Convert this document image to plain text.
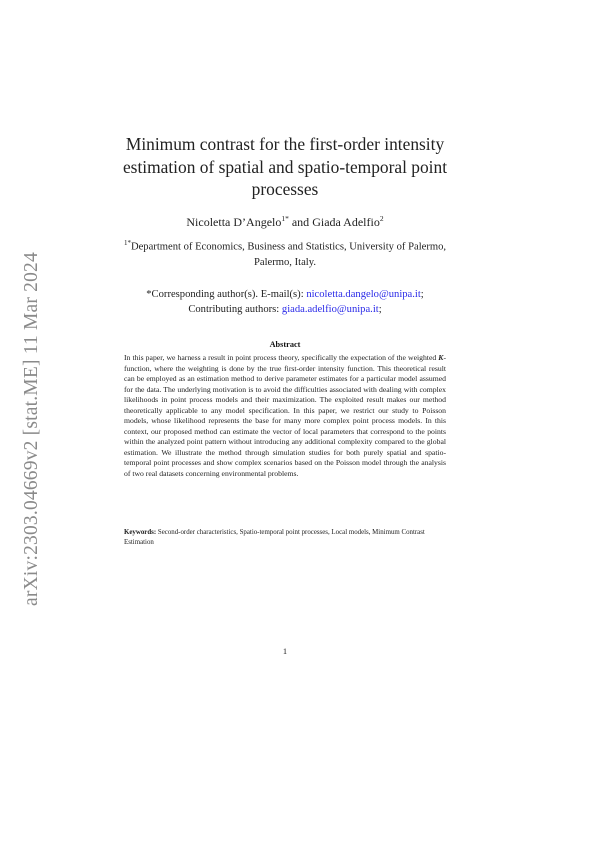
arXiv:2303.04669v2 [stat.ME] 11 Mar 2024
Minimum contrast for the first-order intensity estimation of spatial and spatio-temporal point processes
Nicoletta D’Angelo$^{1*}$ and Giada Adelfio$^2$
$^{1*}$Department of Economics, Business and Statistics, University of Palermo, Palermo, Italy.
*Corresponding author(s). E-mail(s): nicoletta.dangelo@unipa.it;
Contributing authors: giada.adelfio@unipa.it;
Abstract

In this paper, we harness a result in point process theory, specifically the expectation of the weighted K-function, where the weighting is done by the true first-order intensity function. This theoretical result can be employed as an estimation method to derive parameter estimates for a particular model assumed for the data. The underlying motivation is to avoid the difficulties associated with dealing with complex likelihoods in point process models and their maximization. The exploited result makes our method theoretically applicable to any model specification. In this paper, we restrict our study to Poisson models, whose likelihood represents the base for many more complex point process models. In this context, our proposed method can estimate the vector of local parameters that correspond to the points within the analyzed point pattern without introducing any additional complexity compared to the global estimation. We illustrate the method through simulation studies for both purely spatial and spatio-temporal point processes and show complex scenarios based on the Poisson model through the analysis of two real datasets concerning environmental problems.

Keywords: Second-order characteristics, Spatio-temporal point processes, Local models, Minimum Contrast Estimation

1
